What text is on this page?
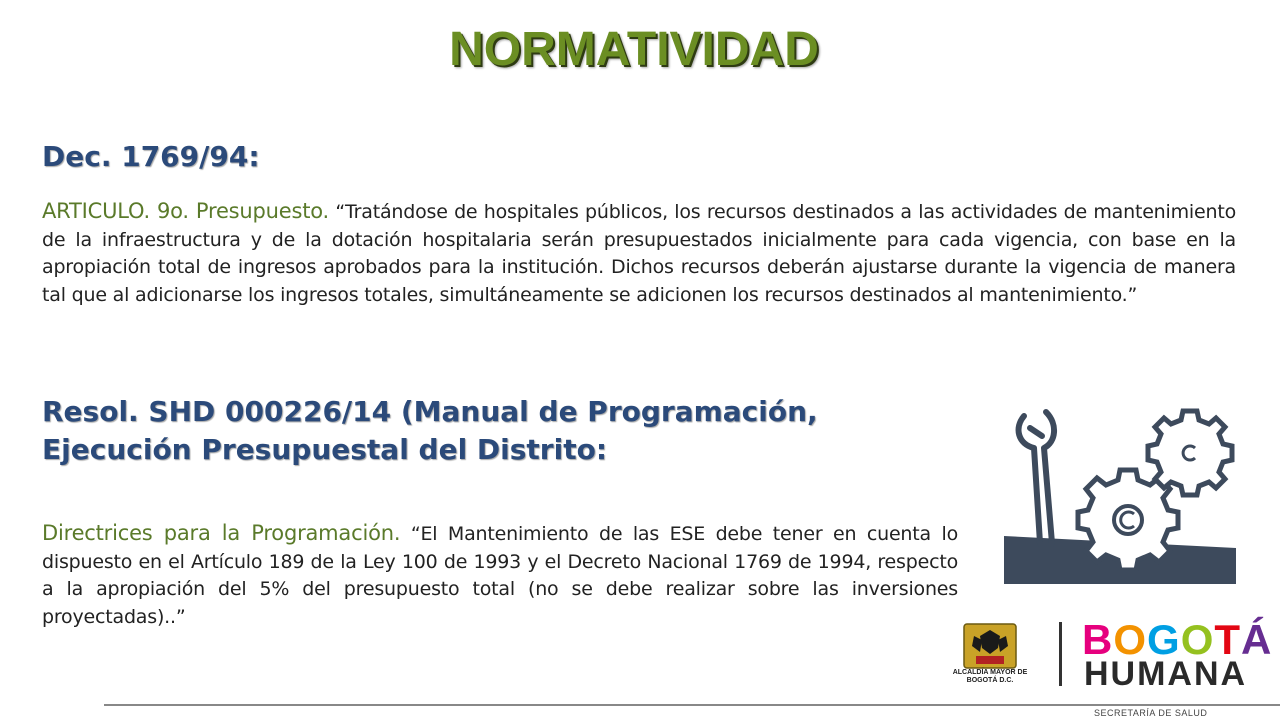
NORMATIVIDAD
Dec. 1769/94:
ARTICULO. 9o. Presupuesto. “Tratándose de hospitales públicos, los recursos destinados a las actividades de mantenimiento de la infraestructura y de la dotación hospitalaria serán presupuestados inicialmente para cada vigencia, con base en la apropiación total de ingresos aprobados para la institución. Dichos recursos deberán ajustarse durante la vigencia de manera tal que al adicionarse los ingresos totales, simultáneamente se adicionen los recursos destinados al mantenimiento.”
Resol. SHD 000226/14 (Manual de Programación, Ejecución Presupuestal del Distrito:
Directrices para la Programación. “El Mantenimiento de las ESE debe tener en cuenta lo dispuesto en el Artículo 189 de la Ley 100 de 1993 y el Decreto Nacional 1769 de 1994, respecto a la apropiación del 5% del presupuesto total (no se debe realizar sobre las inversiones proyectadas)..”
ALCALDÍA MAYOR DE BOGOTÁ D.C.
BOGOTÁ
HUMANA
SECRETARÍA DE SALUD
